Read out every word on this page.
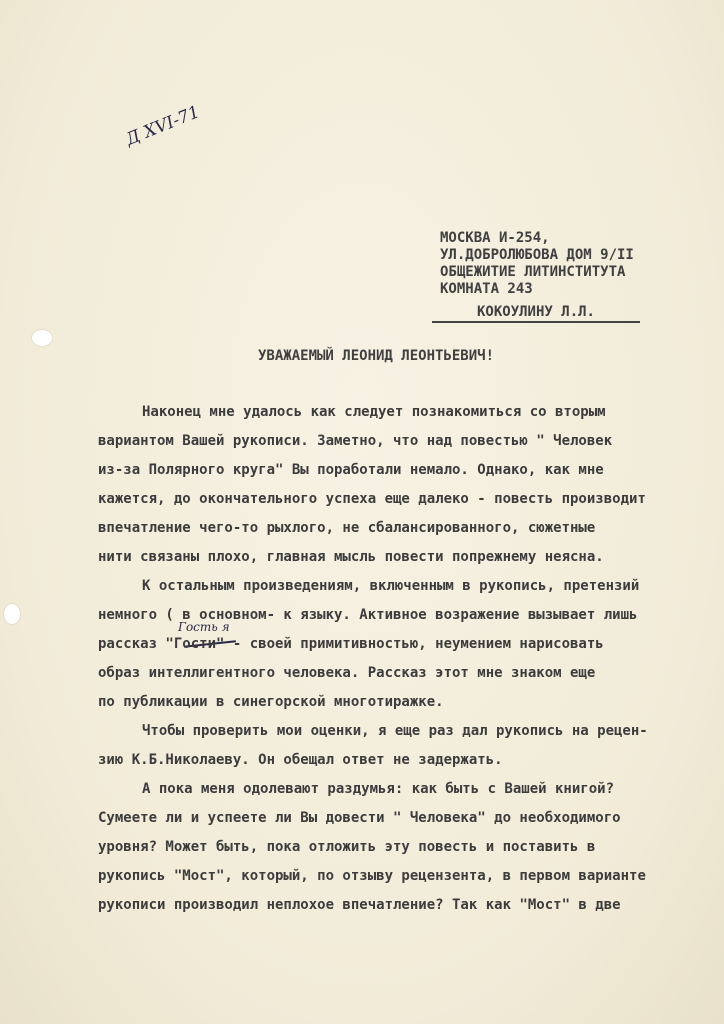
Д XVI-71
МОСКВА И-254,
УЛ.ДОБРОЛЮБОВА ДОМ 9/II
ОБЩЕЖИТИЕ ЛИТИНСТИТУТА
КОМНАТА 243
КОКОУЛИНУ Л.Л.
УВАЖАЕМЫЙ ЛЕОНИД ЛЕОНТЬЕВИЧ!
Гость я
Наконец мне удалось как следует познакомиться со вторым
вариантом Вашей рукописи. Заметно, что над повестью " Человек
из-за Полярного круга" Вы поработали немало. Однако, как мне
кажется, до окончательного успеха еще далеко - повесть производит
впечатление чего-то рыхлого, не сбалансированного, сюжетные
нити связаны плохо, главная мысль повести попрежнему неясна.
К остальным произведениям, включенным в рукопись, претензий
немного ( в основном- к языку. Активное возражение вызывает лишь
рассказ "Гости" - своей примитивностью, неумением нарисовать
образ интеллигентного человека. Рассказ этот мне знаком еще
по публикации в синегорской многотиражке.
Чтобы проверить мои оценки, я еще раз дал рукопись на рецен-
зию К.Б.Николаеву. Он обещал ответ не задержать.
А пока меня одолевают раздумья: как быть с Вашей книгой?
Сумеете ли и успеете ли Вы довести " Человека" до необходимого
уровня? Может быть, пока отложить эту повесть и поставить в
рукопись "Мост", который, по отзыву рецензента, в первом варианте
рукописи производил неплохое впечатление? Так как "Мост" в две
